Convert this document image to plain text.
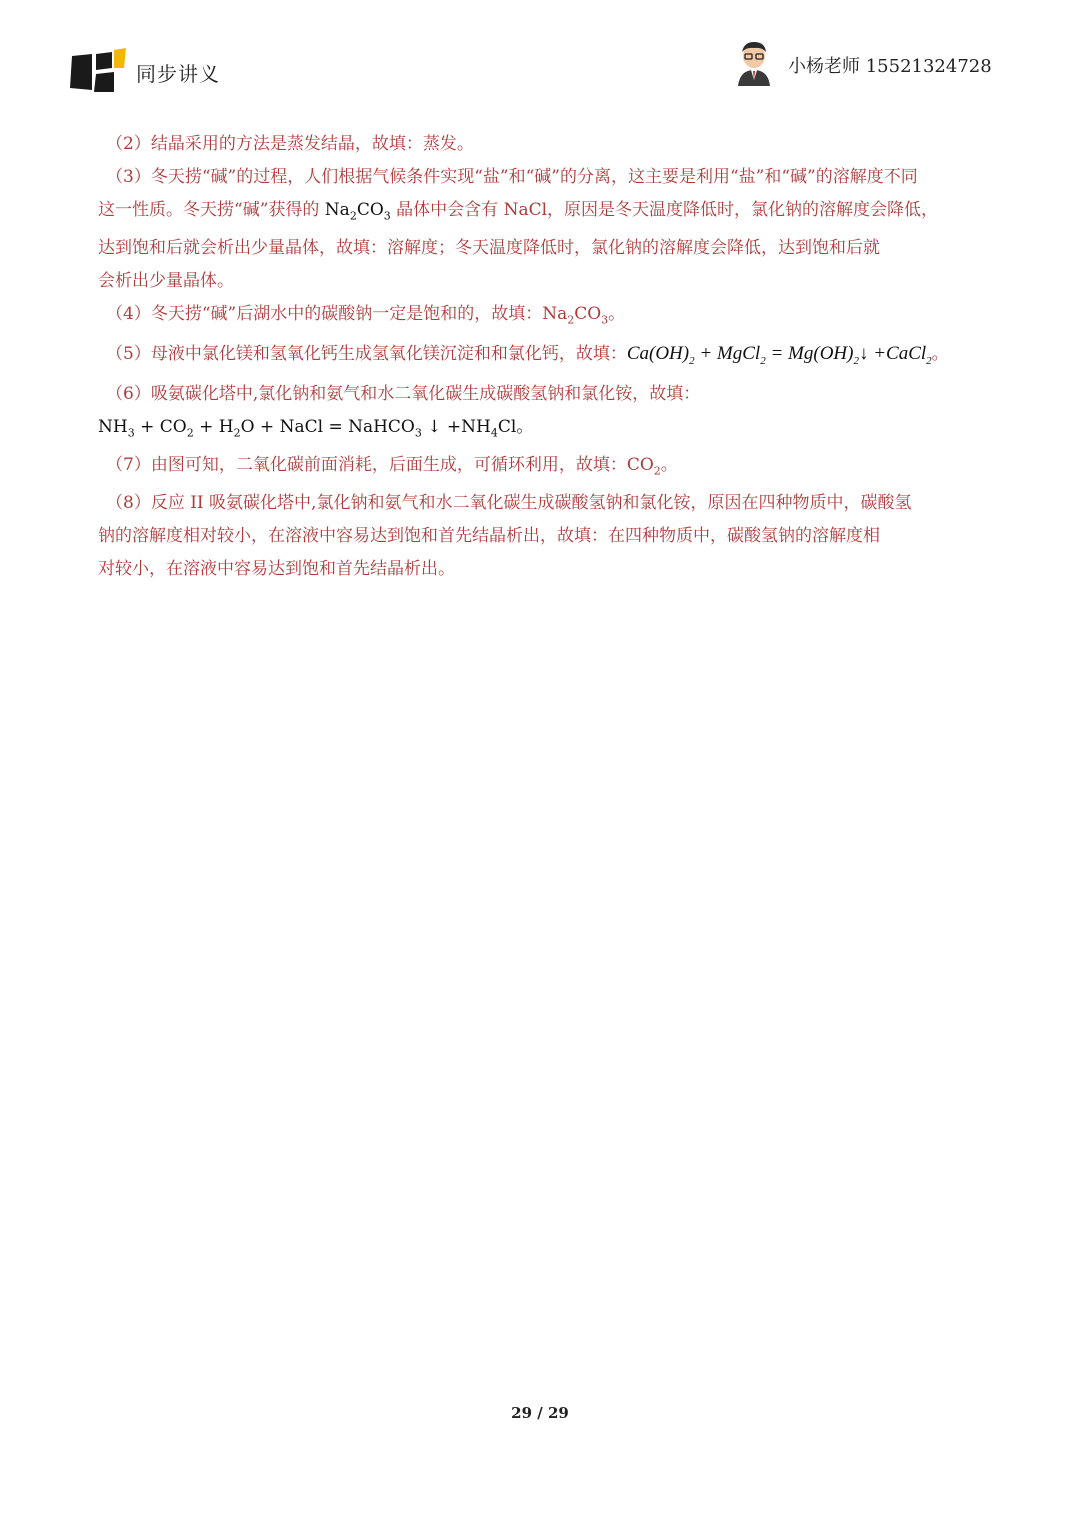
同步讲义	小杨老师 15521324728
（2）结晶采用的方法是蒸发结晶，故填：蒸发。
（3）冬天捞“碱”的过程，人们根据气候条件实现“盐”和“碱”的分离，这主要是利用“盐”和“碱”的溶解度不同
这一性质。冬天捞“碱”获得的 $Na_2CO_3$ 晶体中会含有 NaCl，原因是冬天温度降低时，氯化钠的溶解度会降低，
达到饱和后就会析出少量晶体，故填：溶解度；冬天温度降低时，氯化钠的溶解度会降低，达到饱和后就
会析出少量晶体。
（4）冬天捞“碱”后湖水中的碳酸钠一定是饱和的，故填：$Na_2CO_3$。
（5）母液中氯化镁和氢氧化钙生成氢氧化镁沉淀和和氯化钙，故填：$Ca(OH)_2$ + MgCl$_2$ = $Mg(OH)_2↓$ +CaCl$_2$。
（6）吸氨碳化塔中,氯化钠和氨气和水二氧化碳生成碳酸氢钠和氯化铵，故填：
$NH_3 + CO_2 + H_2O$ + NaCl = NaHCO$_3$ ↓ $+NH_4Cl$。
（7）由图可知，二氧化碳前面消耗，后面生成，可循环利用，故填：$CO_2$。
（8）反应 II 吸氨碳化塔中,氯化钠和氨气和水二氧化碳生成碳酸氢钠和氯化铵，原因在四种物质中，碳酸氢
钠的溶解度相对较小，在溶液中容易达到饱和首先结晶析出，故填：在四种物质中，碳酸氢钠的溶解度相
对较小，在溶液中容易达到饱和首先结晶析出。
29 / 29
